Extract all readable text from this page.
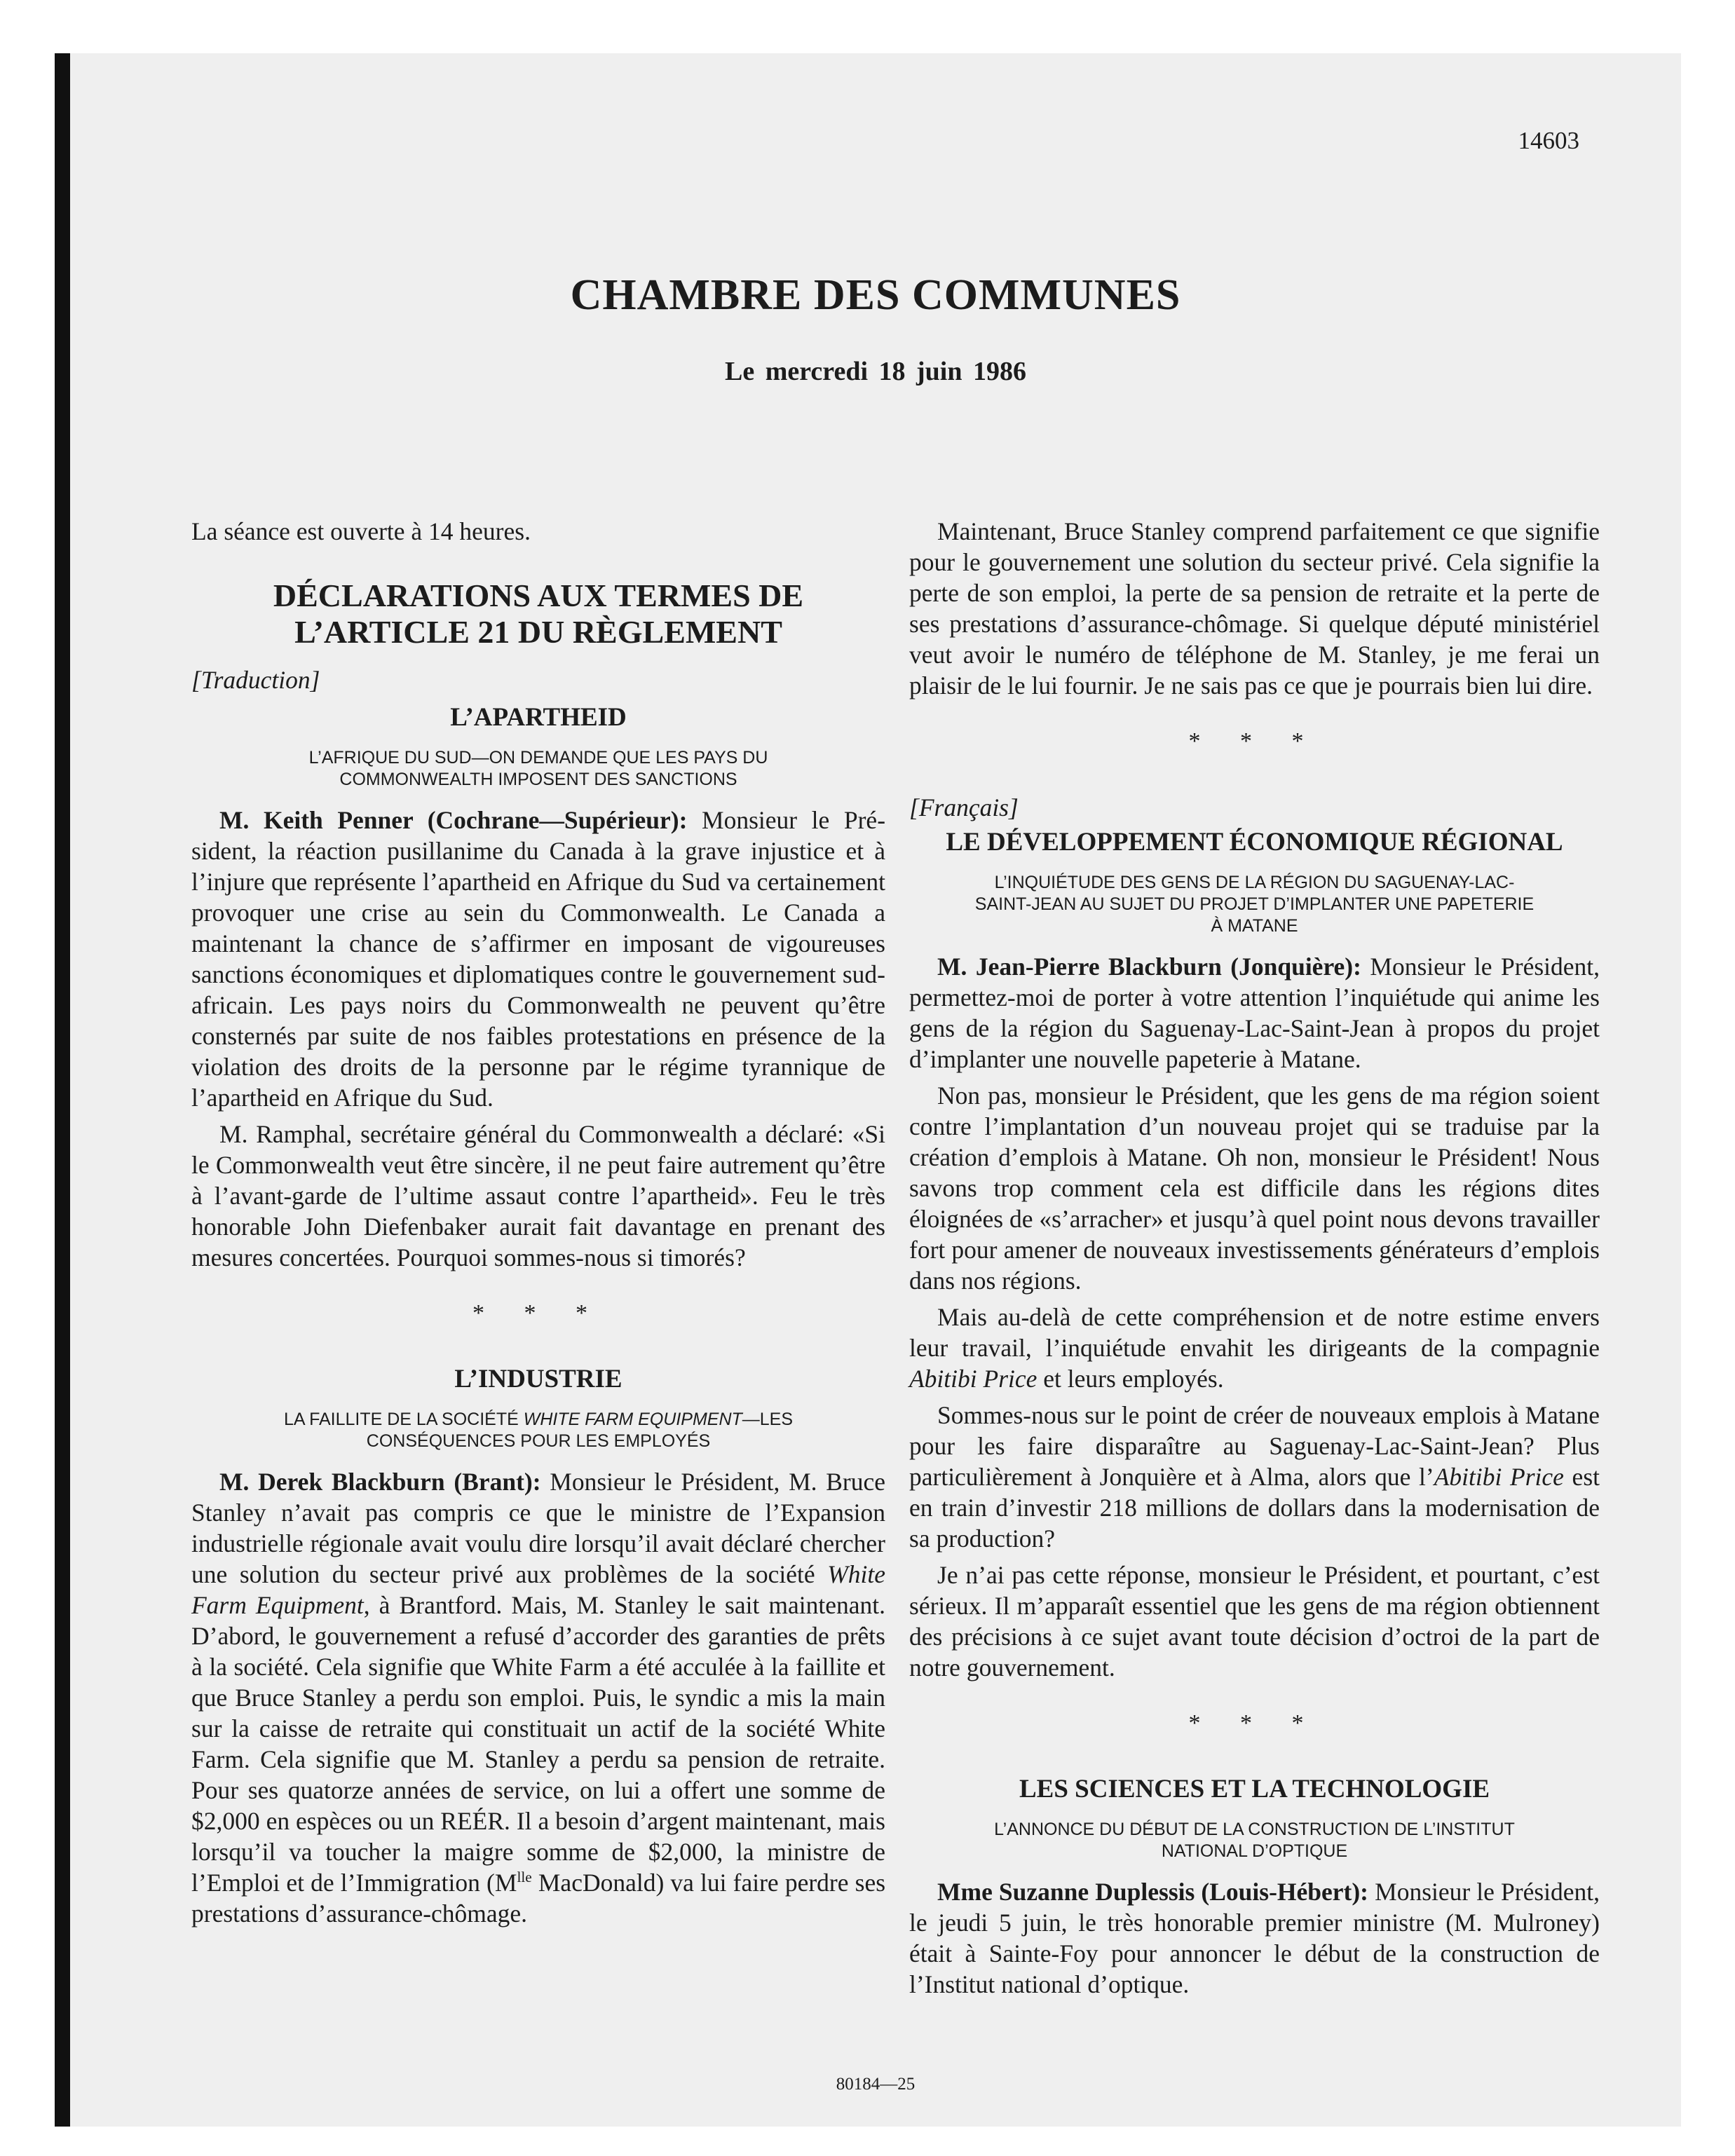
14603
CHAMBRE DES COMMUNES
Le mercredi 18 juin 1986

La séance est ouverte à 14 heures.

DÉCLARATIONS AUX TERMES DE
L’ARTICLE 21 DU RÈGLEMENT
[Traduction]
L’APARTHEID
L’AFRIQUE DU SUD—ON DEMANDE QUE LES PAYS DU
COMMONWEALTH IMPOSENT DES SANCTIONS

M. Keith Penner (Cochrane—Supérieur): Monsieur le Président, la réaction pusillanime du Canada à la grave injustice et à l’injure que représente l’apartheid en Afrique du Sud va certainement provoquer une crise au sein du Commonwealth. Le Canada a maintenant la chance de s’affirmer en imposant de vigoureuses sanctions économiques et diplomatiques contre le gouvernement sud-africain. Les pays noirs du Commonwealth ne peuvent qu’être consternés par suite de nos faibles protestations en présence de la violation des droits de la personne par le régime tyrannique de l’apartheid en Afrique du Sud.

M. Ramphal, secrétaire général du Commonwealth a déclaré: «Si le Commonwealth veut être sincère, il ne peut faire autrement qu’être à l’avant-garde de l’ultime assaut contre l’apartheid». Feu le très honorable John Diefenbaker aurait fait davantage en prenant des mesures concertées. Pourquoi sommes-nous si timorés?

* * *
L’INDUSTRIE
LA FAILLITE DE LA SOCIÉTÉ WHITE FARM EQUIPMENT—LES
CONSÉQUENCES POUR LES EMPLOYÉS

M. Derek Blackburn (Brant): Monsieur le Président, M. Bruce Stanley n’avait pas compris ce que le ministre de l’Expansion industrielle régionale avait voulu dire lorsqu’il avait déclaré chercher une solution du secteur privé aux problèmes de la société White Farm Equipment, à Brantford. Mais, M. Stanley le sait maintenant. D’abord, le gouvernement a refusé d’accorder des garanties de prêts à la société. Cela signifie que White Farm a été acculée à la faillite et que Bruce Stanley a perdu son emploi. Puis, le syndic a mis la main sur la caisse de retraite qui constituait un actif de la société White Farm. Cela signifie que M. Stanley a perdu sa pension de retraite. Pour ses quatorze années de service, on lui a offert une somme de $2,000 en espèces ou un REÉR. Il a besoin d’argent maintenant, mais lorsqu’il va toucher la maigre somme de $2,000, la ministre de l’Emploi et de l’Immigration ($M^{lle}$ MacDonald) va lui faire perdre ses prestations d’assurance-chômage.

Maintenant, Bruce Stanley comprend parfaitement ce que signifie pour le gouvernement une solution du secteur privé. Cela signifie la perte de son emploi, la perte de sa pension de retraite et la perte de ses prestations d’assurance-chômage. Si quelque député ministériel veut avoir le numéro de téléphone de M. Stanley, je me ferai un plaisir de le lui fournir. Je ne sais pas ce que je pourrais bien lui dire.

* * *
[Français]
LE DÉVELOPPEMENT ÉCONOMIQUE RÉGIONAL
L’INQUIÉTUDE DES GENS DE LA RÉGION DU SAGUENAY-LAC-
SAINT-JEAN AU SUJET DU PROJET D’IMPLANTER UNE PAPETERIE
À MATANE

M. Jean-Pierre Blackburn (Jonquière): Monsieur le Président, permettez-moi de porter à votre attention l’inquiétude qui anime les gens de la région du Saguenay-Lac-Saint-Jean à propos du projet d’implanter une nouvelle papeterie à Matane.

Non pas, monsieur le Président, que les gens de ma région soient contre l’implantation d’un nouveau projet qui se traduise par la création d’emplois à Matane. Oh non, monsieur le Président! Nous savons trop comment cela est difficile dans les régions dites éloignées de «s’arracher» et jusqu’à quel point nous devons travailler fort pour amener de nouveaux investissements générateurs d’emplois dans nos régions.

Mais au-delà de cette compréhension et de notre estime envers leur travail, l’inquiétude envahit les dirigeants de la compagnie Abitibi Price et leurs employés.

Sommes-nous sur le point de créer de nouveaux emplois à Matane pour les faire disparaître au Saguenay-Lac-Saint-Jean? Plus particulièrement à Jonquière et à Alma, alors que l’Abitibi Price est en train d’investir 218 millions de dollars dans la modernisation de sa production?

Je n’ai pas cette réponse, monsieur le Président, et pourtant, c’est sérieux. Il m’apparaît essentiel que les gens de ma région obtiennent des précisions à ce sujet avant toute décision d’octroi de la part de notre gouvernement.

* * *
LES SCIENCES ET LA TECHNOLOGIE
L’ANNONCE DU DÉBUT DE LA CONSTRUCTION DE L’INSTITUT
NATIONAL D’OPTIQUE

Mme Suzanne Duplessis (Louis-Hébert): Monsieur le Président, le jeudi 5 juin, le très honorable premier ministre (M. Mulroney) était à Sainte-Foy pour annoncer le début de la construction de l’Institut national d’optique.

80184—25
